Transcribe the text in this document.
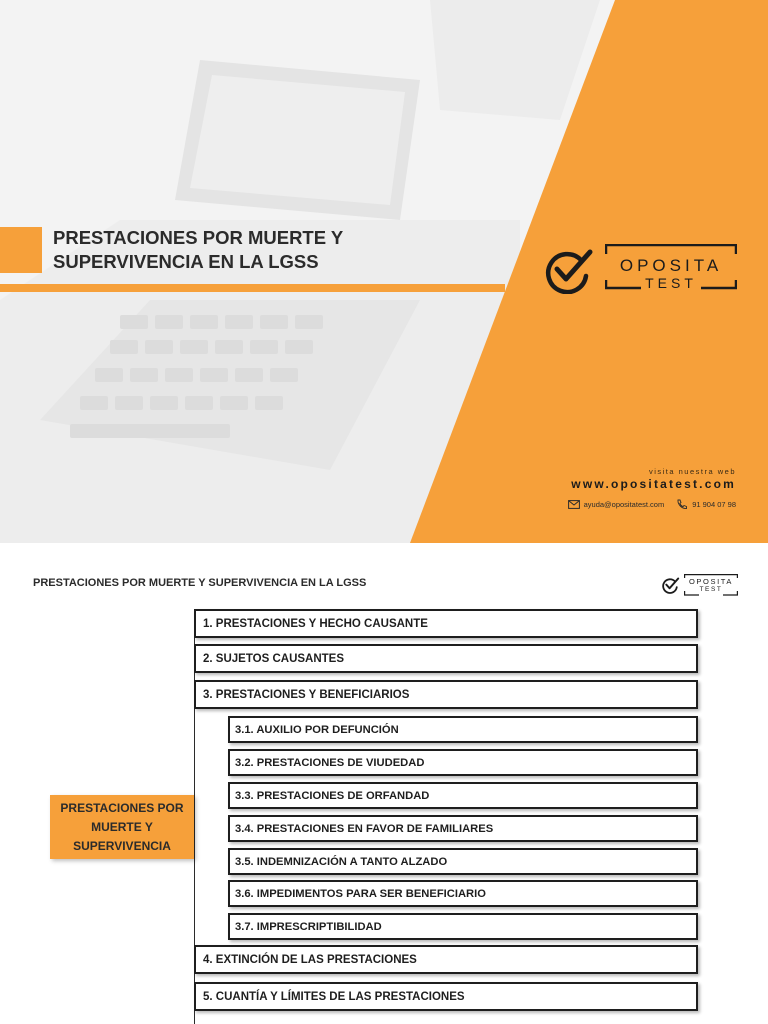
PRESTACIONES POR MUERTE Y SUPERVIVENCIA EN LA LGSS	OPOSITA
TEST
visita nuestra web
www.opositatest.com
ayuda@opositatest.com	91 904 07 98
PRESTACIONES POR MUERTE Y SUPERVIVENCIA EN LA LGSS	OPOSITA
TEST
PRESTACIONES POR MUERTE Y SUPERVIVENCIA
1. PRESTACIONES Y HECHO CAUSANTE
2. SUJETOS CAUSANTES
3. PRESTACIONES Y BENEFICIARIOS
3.1. AUXILIO POR DEFUNCIÓN
3.2. PRESTACIONES DE VIUDEDAD
3.3. PRESTACIONES DE ORFANDAD
3.4. PRESTACIONES EN FAVOR DE FAMILIARES
3.5. INDEMNIZACIÓN A TANTO ALZADO
3.6. IMPEDIMENTOS PARA SER BENEFICIARIO
3.7. IMPRESCRIPTIBILIDAD
4. EXTINCIÓN DE LAS PRESTACIONES
5. CUANTÍA Y LÍMITES DE LAS PRESTACIONES
